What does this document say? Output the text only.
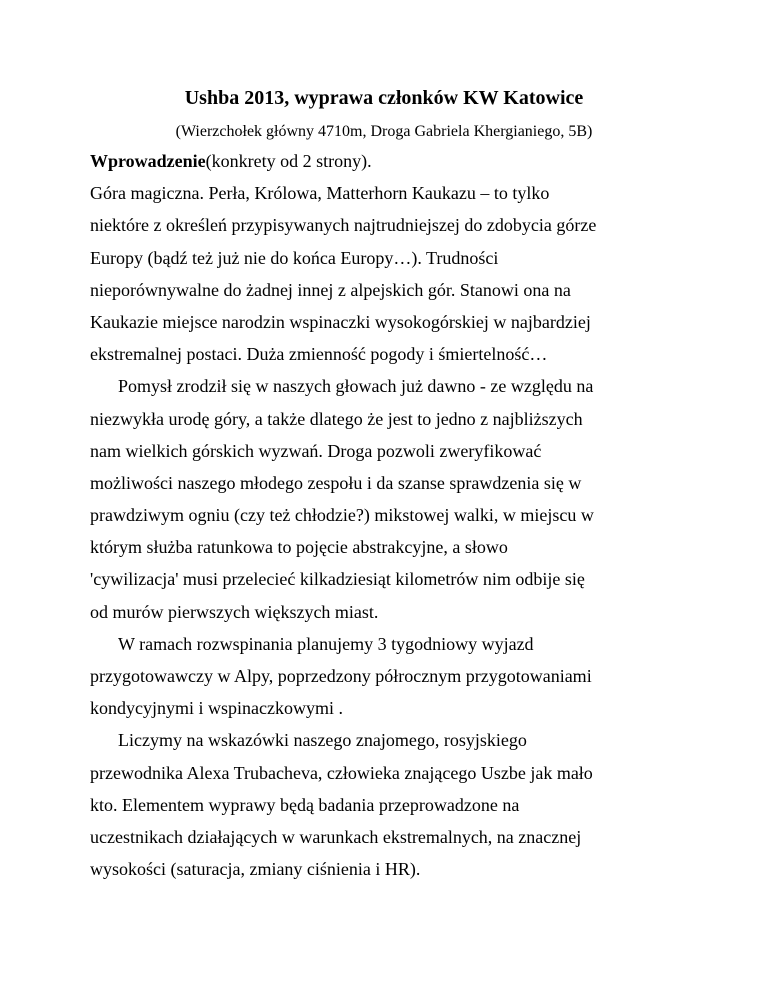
Ushba 2013, wyprawa członków KW Katowice
(Wierzchołek główny 4710m, Droga Gabriela Khergianiego, 5B)
Wprowadzenie(konkrety od 2 strony).
Góra magiczna. Perła, Królowa, Matterhorn Kaukazu – to tylko
niektóre z określeń przypisywanych najtrudniejszej do zdobycia górze
Europy (bądź też już nie do końca Europy…). Trudności
nieporównywalne do żadnej innej z alpejskich gór. Stanowi ona na
Kaukazie miejsce narodzin wspinaczki wysokogórskiej w najbardziej
ekstremalnej postaci. Duża zmienność pogody i śmiertelność…
Pomysł zrodził się w naszych głowach już dawno - ze względu na
niezwykła urodę góry, a także dlatego że jest to jedno z najbliższych
nam wielkich górskich wyzwań. Droga pozwoli zweryfikować
możliwości naszego młodego zespołu i da szanse sprawdzenia się w
prawdziwym ogniu (czy też chłodzie?) mikstowej walki, w miejscu w
którym służba ratunkowa to pojęcie abstrakcyjne, a słowo
'cywilizacja' musi przelecieć kilkadziesiąt kilometrów nim odbije się
od murów pierwszych większych miast.
W ramach rozwspinania planujemy 3 tygodniowy wyjazd
przygotowawczy w Alpy, poprzedzony półrocznym przygotowaniami
kondycyjnymi i wspinaczkowymi .
Liczymy na wskazówki naszego znajomego, rosyjskiego
przewodnika Alexa Trubacheva, człowieka znającego Uszbe jak mało
kto. Elementem wyprawy będą badania przeprowadzone na
uczestnikach działających w warunkach ekstremalnych, na znacznej
wysokości (saturacja, zmiany ciśnienia i HR).
